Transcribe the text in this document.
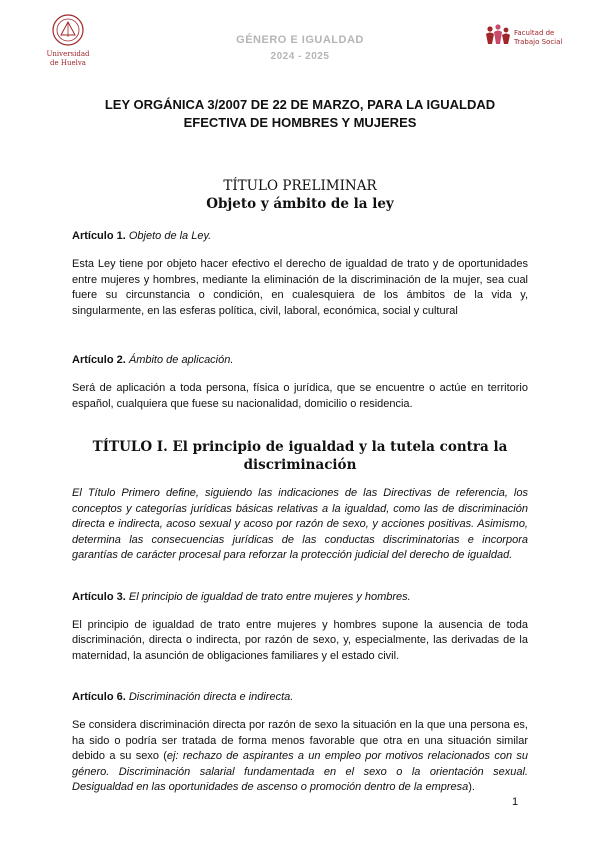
Universidad
de Huelva
GÉNERO E IGUALDAD
2024 - 2025
Facultad de
Trabajo Social
LEY ORGÁNICA 3/2007 DE 22 DE MARZO, PARA LA IGUALDAD
EFECTIVA DE HOMBRES Y MUJERES
TÍTULO PRELIMINAR
Objeto y ámbito de la ley
Artículo 1. Objeto de la Ley.

Esta Ley tiene por objeto hacer efectivo el derecho de igualdad de trato y de oportunidades entre mujeres y hombres, mediante la eliminación de la discriminación de la mujer, sea cual fuere su circunstancia o condición, en cualesquiera de los ámbitos de la vida y, singularmente, en las esferas política, civil, laboral, económica, social y cultural

Artículo 2. Ámbito de aplicación.

Será de aplicación a toda persona, física o jurídica, que se encuentre o actúe en territorio español, cualquiera que fuese su nacionalidad, domicilio o residencia.

TÍTULO I. El principio de igualdad y la tutela contra la discriminación

El Título Primero define, siguiendo las indicaciones de las Directivas de referencia, los conceptos y categorías jurídicas básicas relativas a la igualdad, como las de discriminación directa e indirecta, acoso sexual y acoso por razón de sexo, y acciones positivas. Asimismo, determina las consecuencias jurídicas de las conductas discriminatorias e incorpora garantías de carácter procesal para reforzar la protección judicial del derecho de igualdad.

Artículo 3. El principio de igualdad de trato entre mujeres y hombres.

El principio de igualdad de trato entre mujeres y hombres supone la ausencia de toda discriminación, directa o indirecta, por razón de sexo, y, especialmente, las derivadas de la maternidad, la asunción de obligaciones familiares y el estado civil.

Artículo 6. Discriminación directa e indirecta.

Se considera discriminación directa por razón de sexo la situación en la que una persona es, ha sido o podría ser tratada de forma menos favorable que otra en una situación similar debido a su sexo (ej: rechazo de aspirantes a un empleo por motivos relacionados con su género. Discriminación salarial fundamentada en el sexo o la orientación sexual. Desigualdad en las oportunidades de ascenso o promoción dentro de la empresa).

1
